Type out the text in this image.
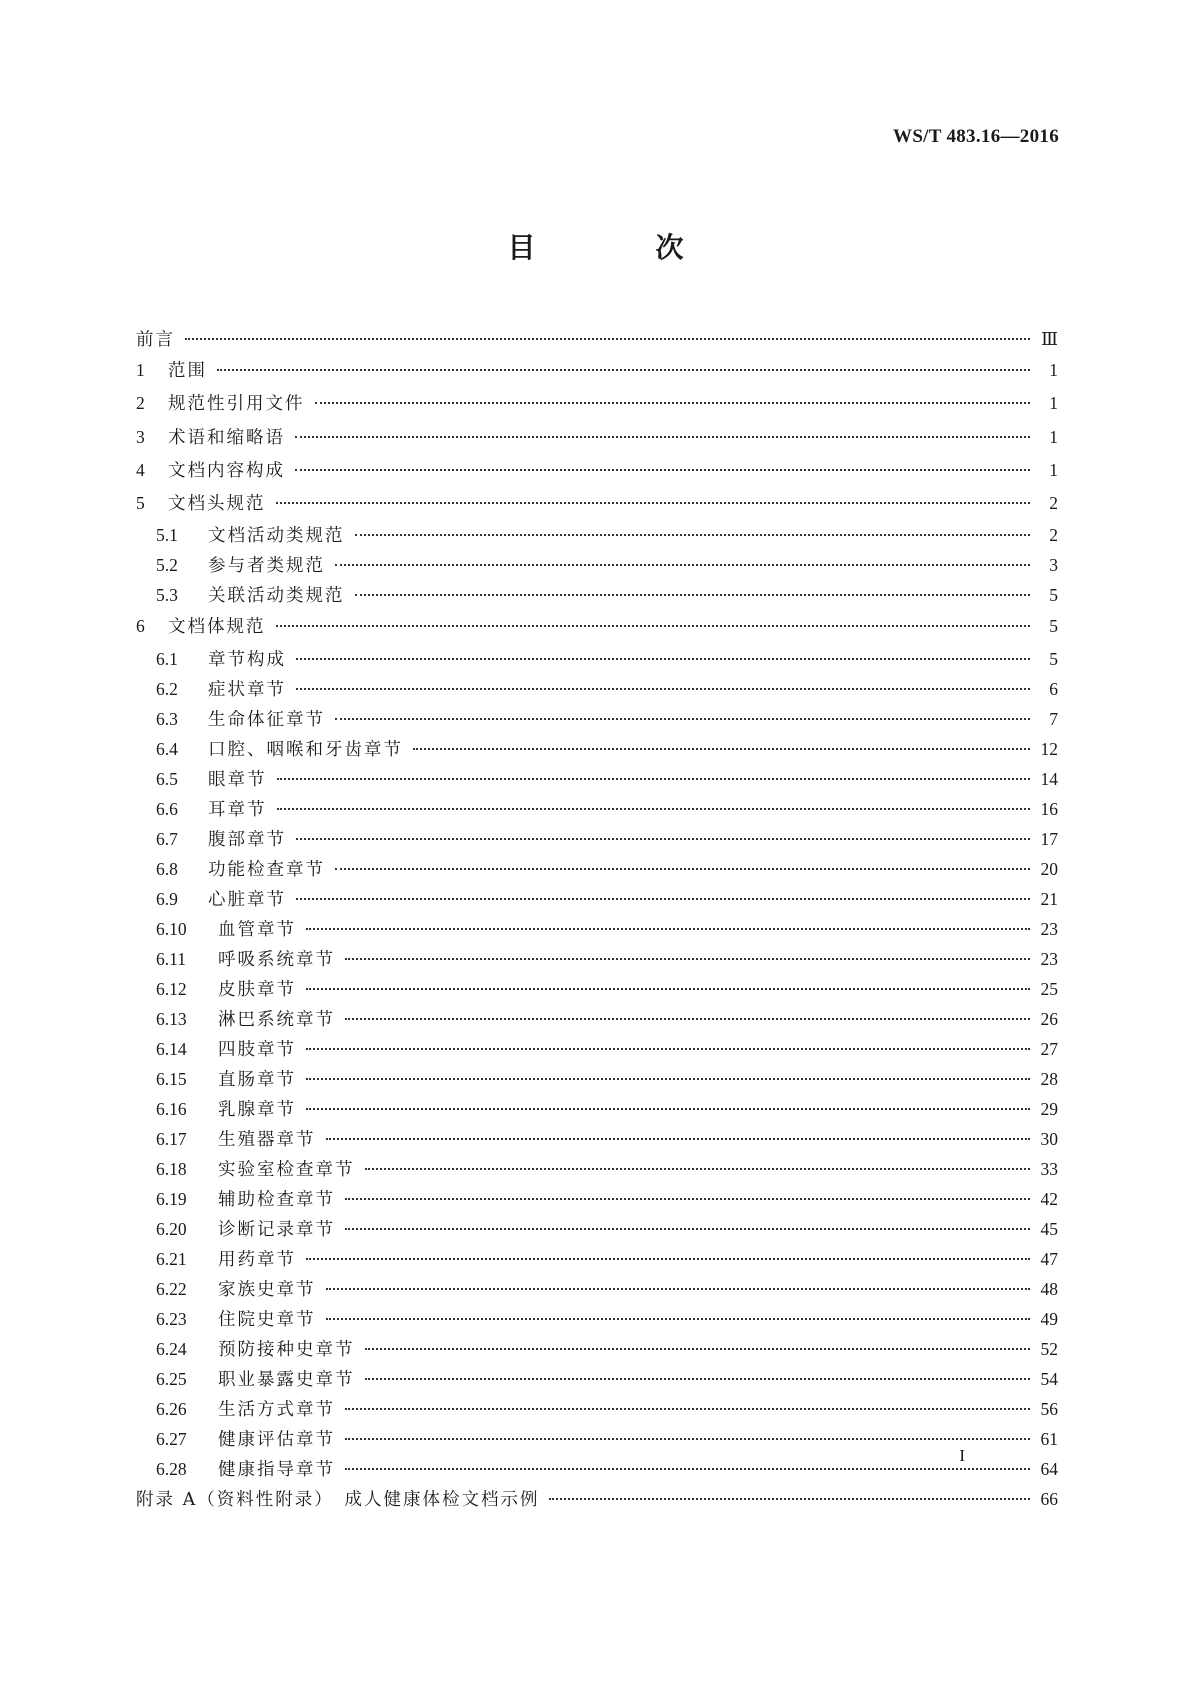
WS/T 483.16—2016
目　次
前言	Ⅲ
1	范围	1
2	规范性引用文件	1
3	术语和缩略语	1
4	文档内容构成	1
5	文档头规范	2
5.1	文档活动类规范	2
5.2	参与者类规范	3
5.3	关联活动类规范	5
6	文档体规范	5
6.1	章节构成	5
6.2	症状章节	6
6.3	生命体征章节	7
6.4	口腔、咽喉和牙齿章节	12
6.5	眼章节	14
6.6	耳章节	16
6.7	腹部章节	17
6.8	功能检查章节	20
6.9	心脏章节	21
6.10	血管章节	23
6.11	呼吸系统章节	23
6.12	皮肤章节	25
6.13	淋巴系统章节	26
6.14	四肢章节	27
6.15	直肠章节	28
6.16	乳腺章节	29
6.17	生殖器章节	30
6.18	实验室检查章节	33
6.19	辅助检查章节	42
6.20	诊断记录章节	45
6.21	用药章节	47
6.22	家族史章节	48
6.23	住院史章节	49
6.24	预防接种史章节	52
6.25	职业暴露史章节	54
6.26	生活方式章节	56
6.27	健康评估章节	61
6.28	健康指导章节	64
附录 A（资料性附录）　成人健康体检文档示例	66
I
